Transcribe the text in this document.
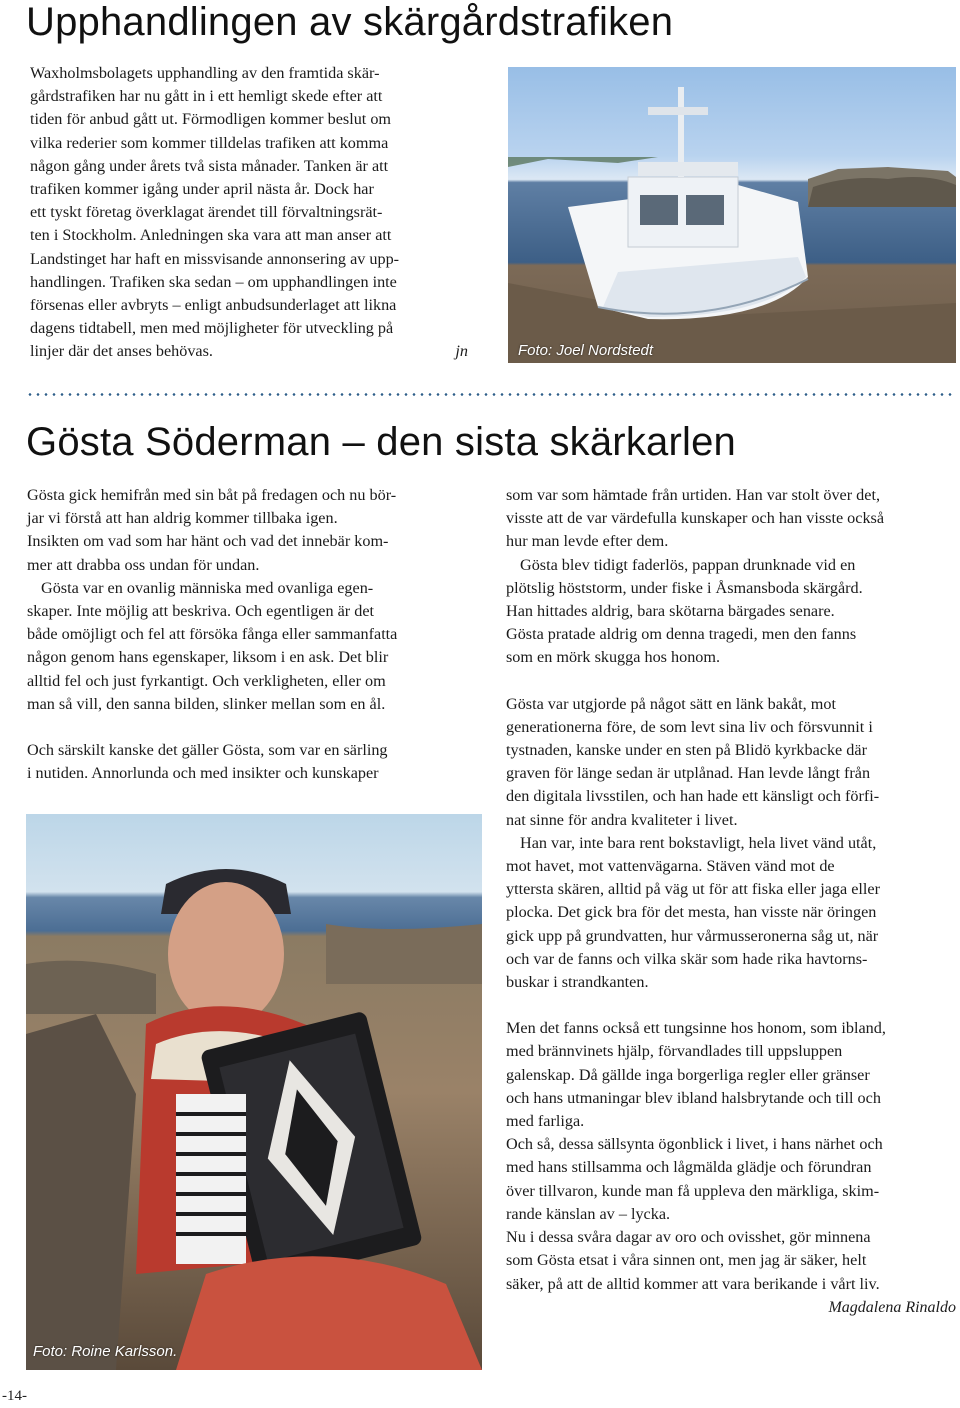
Upphandlingen av skärgårdstrafiken

Waxholmsbolagets upphandling av den framtida skär-

gårdstrafiken har nu gått in i ett hemligt skede efter att

tiden för anbud gått ut. Förmodligen kommer beslut om

vilka rederier som kommer tilldelas trafiken att komma

någon gång under årets två sista månader. Tanken är att

trafiken kommer igång under april nästa år. Dock har

ett tyskt företag överklagat ärendet till förvaltningsrät-

ten i Stockholm. Anledningen ska vara att man anser att

Landstinget har haft en missvisande annonsering av upp-

handlingen. Trafiken ska sedan – om upphandlingen inte

försenas eller avbryts – enligt anbudsunderlaget att likna

dagens tidtabell, men med möjligheter för utveckling på

linjer där det anses behövas.	jn	Foto: Joel Nordstedt
Gösta Söderman – den sista skärkarlen

Gösta gick hemifrån med sin båt på fredagen och nu bör-

jar vi förstå att han aldrig kommer tillbaka igen.

Insikten om vad som har hänt och vad det innebär kom-

mer att drabba oss undan för undan.

Gösta var en ovanlig människa med ovanliga egen-

skaper. Inte möjlig att beskriva. Och egentligen är det

både omöjligt och fel att försöka fånga eller sammanfatta

någon genom hans egenskaper, liksom i en ask. Det blir

alltid fel och just fyrkantigt. Och verkligheten, eller om

man så vill, den sanna bilden, slinker mellan som en ål.

Och särskilt kanske det gäller Gösta, som var en särling

i nutiden. Annorlunda och med insikter och kunskaper

Foto: Roine Karlsson.

som var som hämtade från urtiden. Han var stolt över det,

visste att de var värdefulla kunskaper och han visste också

hur man levde efter dem.

Gösta blev tidigt faderlös, pappan drunknade vid en

plötslig höststorm, under fiske i Åsmansboda skärgård.

Han hittades aldrig, bara skötarna bärgades senare.

Gösta pratade aldrig om denna tragedi, men den fanns

som en mörk skugga hos honom.

Gösta var utgjorde på något sätt en länk bakåt, mot

generationerna före, de som levt sina liv och försvunnit i

tystnaden, kanske under en sten på Blidö kyrkbacke där

graven för länge sedan är utplånad. Han levde långt från

den digitala livsstilen, och han hade ett känsligt och förfi-

nat sinne för andra kvaliteter i livet.

Han var, inte bara rent bokstavligt, hela livet vänd utåt,

mot havet, mot vattenvägarna. Stäven vänd mot de

yttersta skären, alltid på väg ut för att fiska eller jaga eller

plocka. Det gick bra för det mesta, han visste när öringen

gick upp på grundvatten, hur vårmusseronerna såg ut, när

och var de fanns och vilka skär som hade rika havtorns-

buskar i strandkanten.

Men det fanns också ett tungsinne hos honom, som ibland,

med brännvinets hjälp, förvandlades till uppsluppen

galenskap. Då gällde inga borgerliga regler eller gränser

och hans utmaningar blev ibland halsbrytande och till och

med farliga.

Och så, dessa sällsynta ögonblick i livet, i hans närhet och

med hans stillsamma och lågmälda glädje och förundran

över tillvaron, kunde man få uppleva den märkliga, skim-

rande känslan av – lycka.

Nu i dessa svåra dagar av oro och ovisshet, gör minnena

som Gösta etsat i våra sinnen ont, men jag är säker, helt

säker, på att de alltid kommer att vara berikande i vårt liv.

Magdalena Rinaldo

-14-
